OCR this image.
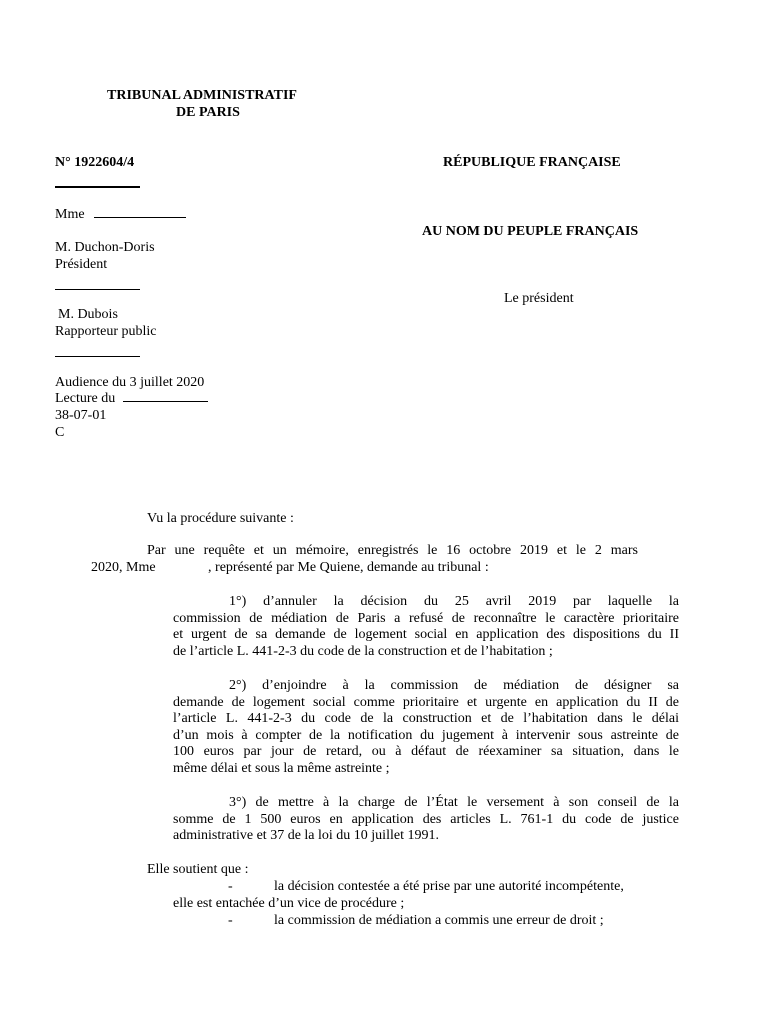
TRIBUNAL ADMINISTRATIF
DE PARIS
N° 1922604/4	RÉPUBLIQUE FRANÇAISE
Mme
AU NOM DU PEUPLE FRANÇAIS
M. Duchon-Doris
Président
Le président
M. Dubois
Rapporteur public
Audience du 3 juillet 2020
Lecture du
38-07-01
C
Vu la procédure suivante :
Par une requête et un mémoire, enregistrés le 16 octobre 2019 et le 2 mars
2020, Mme               , représenté par Me Quiene, demande au tribunal :
1°) d’annuler la décision du 25 avril 2019 par laquelle la
commission de médiation de Paris a refusé de reconnaître le caractère prioritaire
et urgent de sa demande de logement social en application des dispositions du II
de l’article L. 441-2-3 du code de la construction et de l’habitation ;
2°) d’enjoindre à la commission de médiation de désigner sa
demande de logement social comme prioritaire et urgente en application du II de
l’article L. 441-2-3 du code de la construction et de l’habitation dans le délai
d’un mois à compter de la notification du jugement à intervenir sous astreinte de
100 euros par jour de retard, ou à défaut de réexaminer sa situation, dans le
même délai et sous la même astreinte ;
3°) de mettre à la charge de l’État le versement à son conseil de la
somme de 1 500 euros en application des articles L. 761-1 du code de justice
administrative et 37 de la loi du 10 juillet 1991.
Elle soutient que :
-	la décision contestée a été prise par une autorité incompétente,
elle est entachée d’un vice de procédure ;
-	la commission de médiation a commis une erreur de droit ;
